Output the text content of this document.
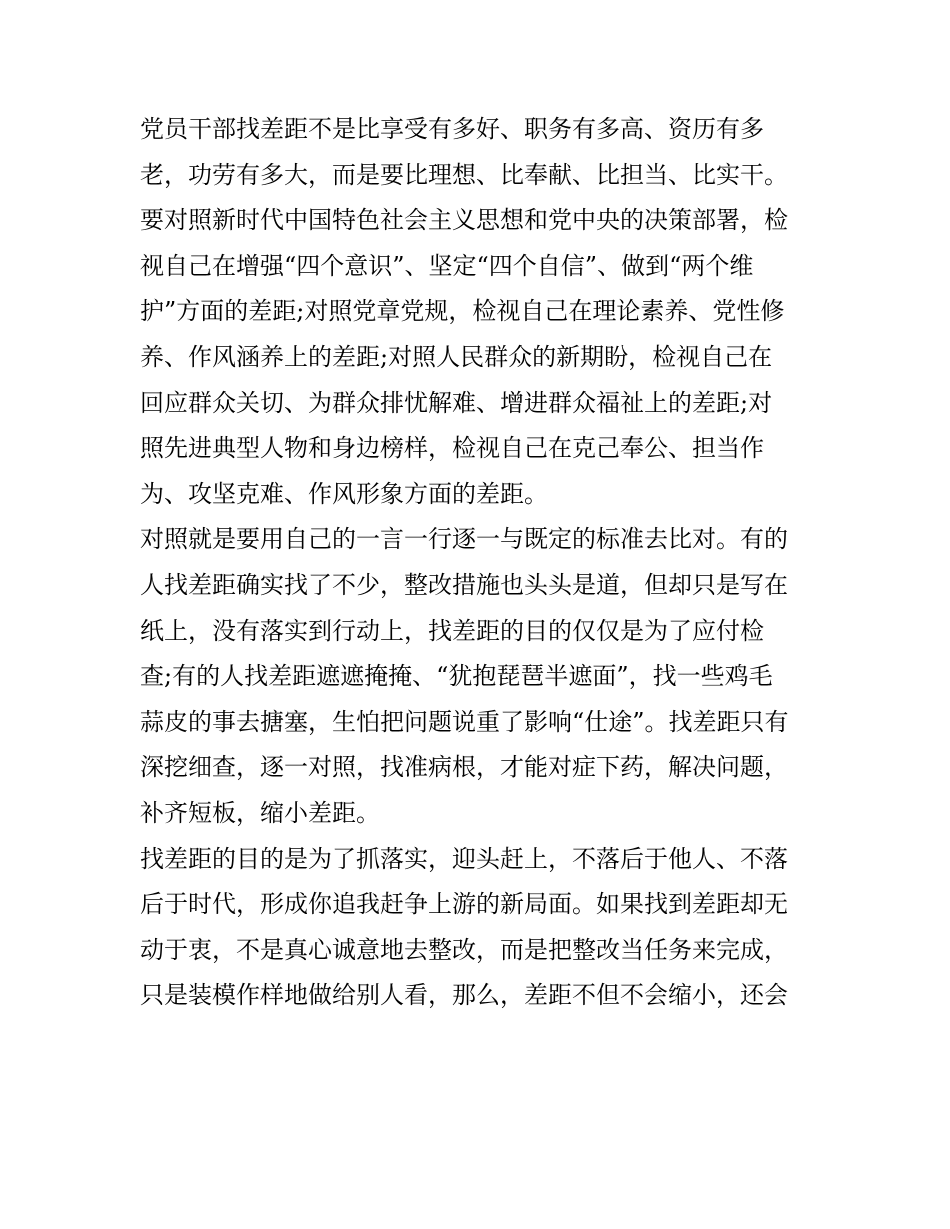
党员干部找差距不是比享受有多好、职务有多高、资历有多
老，功劳有多大，而是要比理想、比奉献、比担当、比实干。
要对照新时代中国特色社会主义思想和党中央的决策部署，检
视自己在增强“四个意识”、坚定“四个自信”、做到“两个维
护”方面的差距;对照党章党规，检视自己在理论素养、党性修
养、作风涵养上的差距;对照人民群众的新期盼，检视自己在
回应群众关切、为群众排忧解难、增进群众福祉上的差距;对
照先进典型人物和身边榜样，检视自己在克己奉公、担当作
为、攻坚克难、作风形象方面的差距。
对照就是要用自己的一言一行逐一与既定的标准去比对。有的
人找差距确实找了不少，整改措施也头头是道，但却只是写在
纸上，没有落实到行动上，找差距的目的仅仅是为了应付检
查;有的人找差距遮遮掩掩、“犹抱琵琶半遮面”，找一些鸡毛
蒜皮的事去搪塞，生怕把问题说重了影响“仕途”。找差距只有
深挖细查，逐一对照，找准病根，才能对症下药，解决问题，
补齐短板，缩小差距。
找差距的目的是为了抓落实，迎头赶上，不落后于他人、不落
后于时代，形成你追我赶争上游的新局面。如果找到差距却无
动于衷，不是真心诚意地去整改，而是把整改当任务来完成，
只是装模作样地做给别人看，那么，差距不但不会缩小，还会
